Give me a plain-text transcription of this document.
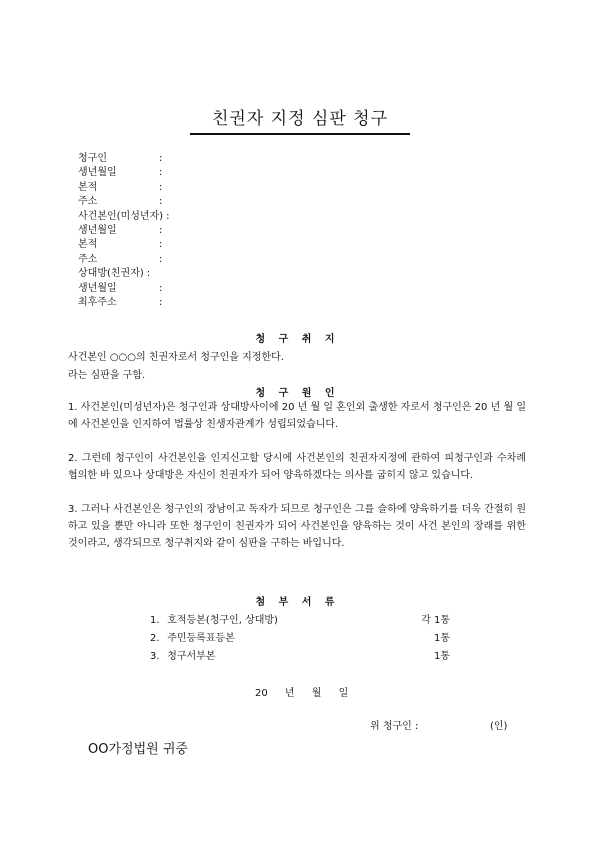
친권자 지정 심판 청구
청구인	:
생년월일	:
본적	:
주소	:
사건본인(미성년자) :
생년월일	:
본적	:
주소	:
상대방(친권자) :
생년월일	:
최후주소	:
청 구 취 지
사건본인 ○○○의 친권자로서 청구인을 지정한다.
라는 심판을 구함.
청 구 원 인
1. 사건본인(미성년자)은 청구인과 상대방사이에 20 년 월 일 혼인외 출생한 자로서 청구인은 20 년 월 일에 사건본인을 인지하여 법률상 친생자관계가 성립되었습니다.
2. 그런데 청구인이 사건본인을 인지신고할 당시에 사건본인의 친권자지정에 관하여 피청구인과 수차례 협의한 바 있으나 상대방은 자신이 친권자가 되어 양육하겠다는 의사를 굽히지 않고 있습니다.
3. 그러나 사건본인은 청구인의 장남이고 독자가 되므로 청구인은 그를 슬하에 양육하기를 더욱 간절히 원하고 있을 뿐만 아니라 또한 청구인이 친권자가 되어 사건본인을 양육하는 것이 사건 본인의 장래를 위한 것이라고, 생각되므로 청구취지와 같이 심판을 구하는 바입니다.
첨 부 서 류
1. 호적등본(청구인, 상대방)	각 1통
2. 주민등록표등본	1통
3. 청구서부본	1통
20 년 월 일
위 청구인 :	(인)
OO가정법원 귀중
